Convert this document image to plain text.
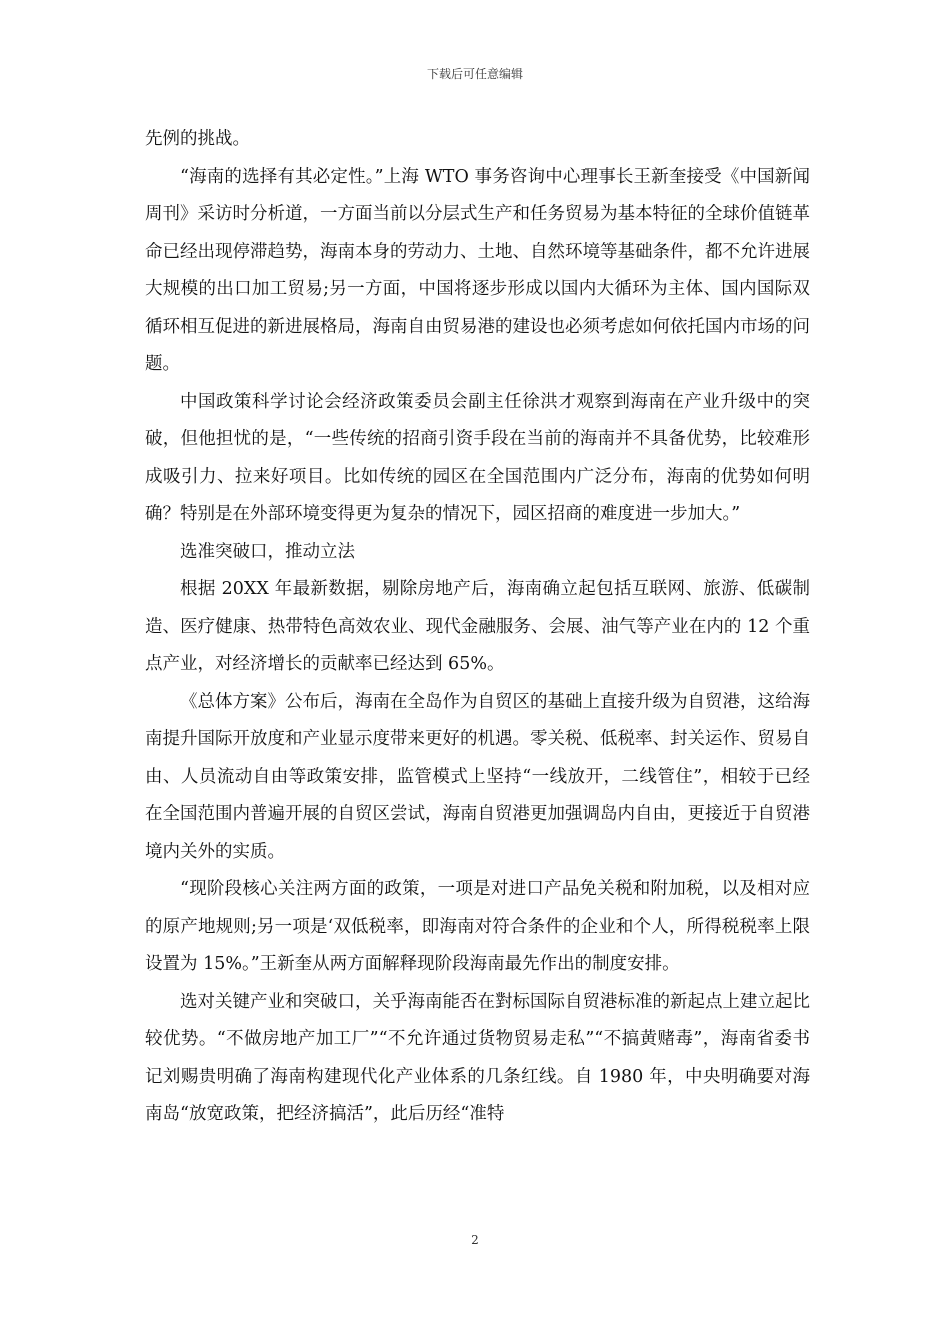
下载后可任意编辑

先例的挑战。

“海南的选择有其必定性。”上海 WTO 事务咨询中心理事长王新奎接受《中国新闻周刊》采访时分析道，一方面当前以分层式生产和任务贸易为基本特征的全球价值链革命已经出现停滞趋势，海南本身的劳动力、土地、自然环境等基础条件，都不允许进展大规模的出口加工贸易;另一方面，中国将逐步形成以国内大循环为主体、国内国际双循环相互促进的新进展格局，海南自由贸易港的建设也必须考虑如何依托国内市场的问题。

中国政策科学讨论会经济政策委员会副主任徐洪才观察到海南在产业升级中的突破，但他担忧的是，“一些传统的招商引资手段在当前的海南并不具备优势，比较难形成吸引力、拉来好项目。比如传统的园区在全国范围内广泛分布，海南的优势如何明确？特别是在外部环境变得更为复杂的情况下，园区招商的难度进一步加大。”

选准突破口，推动立法

根据 20XX 年最新数据，剔除房地产后，海南确立起包括互联网、旅游、低碳制造、医疗健康、热带特色高效农业、现代金融服务、会展、油气等产业在内的 12 个重点产业，对经济增长的贡献率已经达到 65%。

《总体方案》公布后，海南在全岛作为自贸区的基础上直接升级为自贸港，这给海南提升国际开放度和产业显示度带来更好的机遇。零关税、低税率、封关运作、贸易自由、人员流动自由等政策安排，监管模式上坚持“一线放开，二线管住”，相较于已经在全国范围内普遍开展的自贸区尝试，海南自贸港更加强调岛内自由，更接近于自贸港境内关外的实质。

“现阶段核心关注两方面的政策，一项是对进口产品免关税和附加税，以及相对应的原产地规则;另一项是‘双低税率，即海南对符合条件的企业和个人，所得税税率上限设置为 15%。”王新奎从两方面解释现阶段海南最先作出的制度安排。

选对关键产业和突破口，关乎海南能否在對标国际自贸港标准的新起点上建立起比较优势。“不做房地产加工厂”“不允许通过货物贸易走私”“不搞黄赌毒”，海南省委书记刘赐贵明确了海南构建现代化产业体系的几条红线。自 1980 年，中央明确要对海南岛“放宽政策，把经济搞活”，此后历经“准特

2
